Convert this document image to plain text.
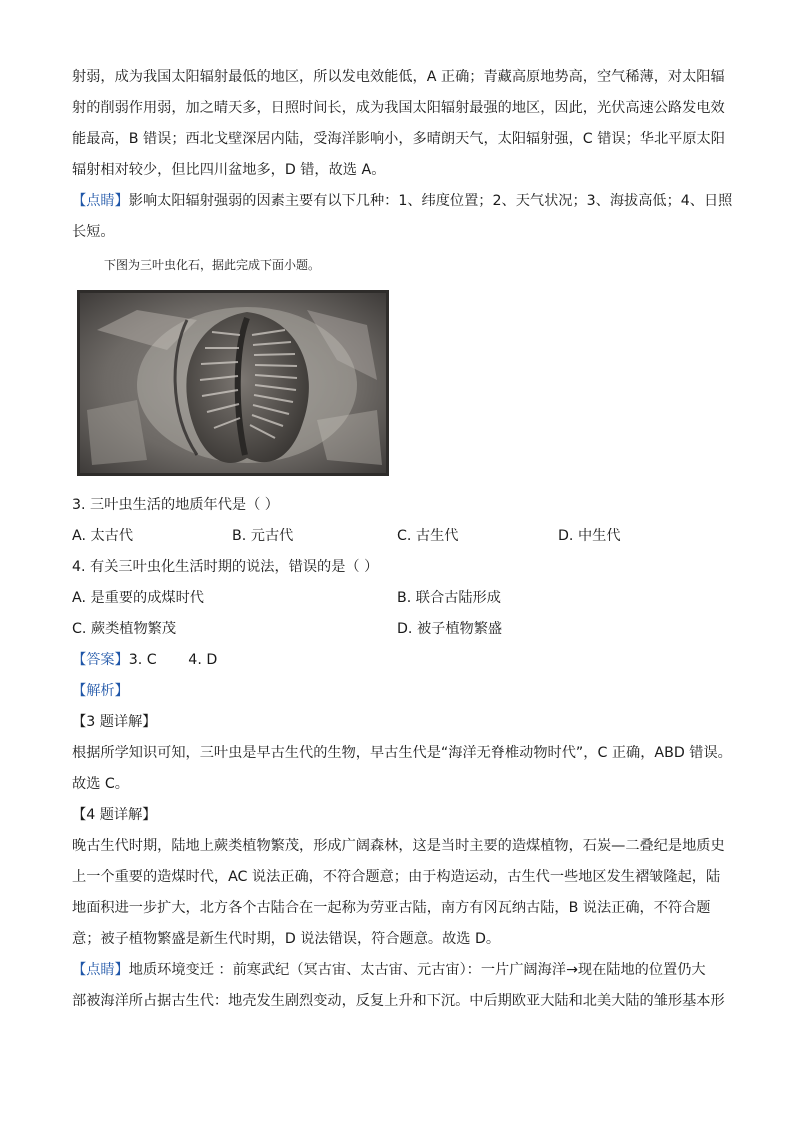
射弱，成为我国太阳辐射最低的地区，所以发电效能低，A 正确；青藏高原地势高，空气稀薄，对太阳辐
射的削弱作用弱，加之晴天多，日照时间长，成为我国太阳辐射最强的地区，因此，光伏高速公路发电效
能最高，B 错误；西北戈壁深居内陆，受海洋影响小，多晴朗天气，太阳辐射强，C 错误；华北平原太阳
辐射相对较少，但比四川盆地多，D 错，故选 A。
【点睛】影响太阳辐射强弱的因素主要有以下几种：1、纬度位置；2、天气状况；3、海拔高低；4、日照
长短。
下图为三叶虫化石，据此完成下面小题。
3. 三叶虫生活的地质年代是（ ）
A. 太古代	B. 元古代	C. 古生代	D. 中生代
4. 有关三叶虫化生活时期的说法，错误的是（ ）
A. 是重要的成煤时代	B. 联合古陆形成
C. 蕨类植物繁茂	D. 被子植物繁盛
【答案】3. C       4. D
【解析】
【3 题详解】
根据所学知识可知，三叶虫是早古生代的生物，早古生代是“海洋无脊椎动物时代”，C 正确，ABD 错误。
故选 C。
【4 题详解】
晚古生代时期，陆地上蕨类植物繁茂，形成广阔森林，这是当时主要的造煤植物，石炭—二叠纪是地质史
上一个重要的造煤时代，AC 说法正确，不符合题意；由于构造运动，古生代一些地区发生褶皱隆起，陆
地面积进一步扩大，北方各个古陆合在一起称为劳亚古陆，南方有冈瓦纳古陆，B 说法正确，不符合题
意；被子植物繁盛是新生代时期，D 说法错误，符合题意。故选 D。
【点睛】地质环境变迁 ：前寒武纪（冥古宙、太古宙、元古宙）：一片广阔海洋→现在陆地的位置仍大
部被海洋所占据古生代：地壳发生剧烈变动，反复上升和下沉。中后期欧亚大陆和北美大陆的雏形基本形
